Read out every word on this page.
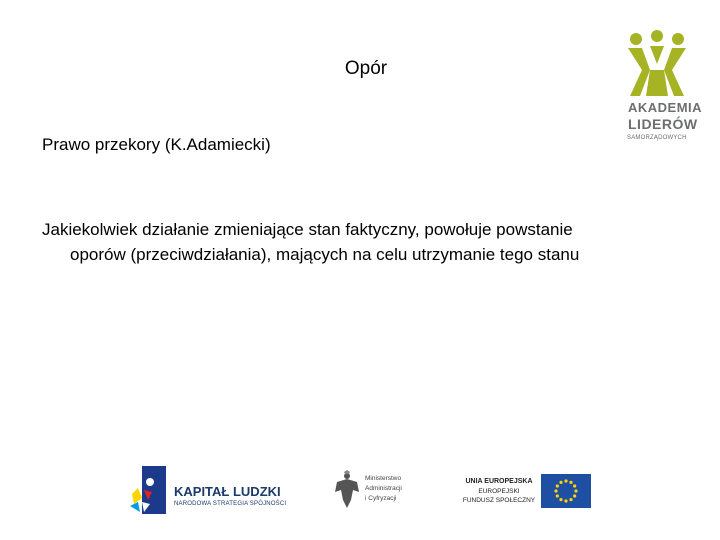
Opór
Prawo przekory (K.Adamiecki)
Jakiekolwiek działanie zmieniające stan faktyczny, powołuje powstanie
oporów (przeciwdziałania), mających na celu utrzymanie tego stanu
AKADEMIA
LIDERÓW
SAMORZĄDOWYCH
KAPITAŁ LUDZKI
NARODOWA STRATEGIA SPÓJNOŚCI
Ministerstwo
Administracji
i Cyfryzacji
UNIA EUROPEJSKA
EUROPEJSKI
FUNDUSZ SPOŁECZNY
